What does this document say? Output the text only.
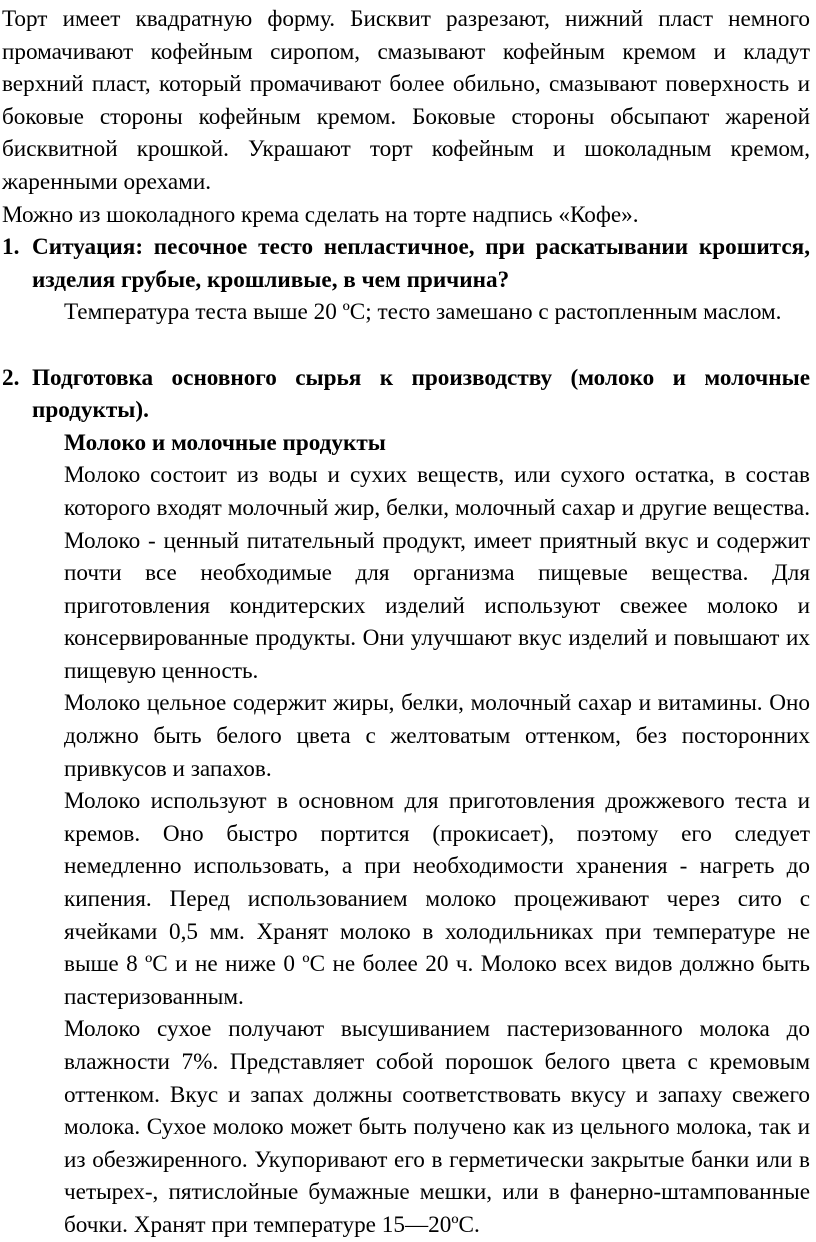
Торт имеет квадратную форму. Бисквит разрезают, нижний пласт немного промачивают кофейным сиропом, смазывают кофейным кремом и кладут верхний пласт, который промачивают более обильно, смазывают поверхность и боковые стороны кофейным кремом. Боковые стороны обсыпают жареной бисквитной крошкой. Украшают торт кофейным и шоколадным кремом, жаренными орехами.

Можно из шоколадного крема сделать на торте надпись «Кофе».

1. Ситуация: песочное тесто непластичное, при раскатывании крошится, изделия грубые, крошливые, в чем причина?

Температура теста выше 20 ºС; тесто замешано с растопленным маслом.

2. Подготовка основного сырья к производству (молоко и молочные продукты).

Молоко и молочные продукты

Молоко состоит из воды и сухих веществ, или сухого остатка, в состав которого входят молочный жир, белки, молочный сахар и другие вещества. Молоко - ценный питательный продукт, имеет приятный вкус и содержит почти все необходимые для организма пищевые вещества. Для приготовления кондитерских изделий используют свежее молоко и консервированные продукты. Они улучшают вкус изделий и повышают их пищевую ценность.

Молоко цельное содержит жиры, белки, молочный сахар и витамины. Оно должно быть белого цвета с желтоватым оттенком, без посторонних привкусов и запахов.

Молоко используют в основном для приготовления дрожжевого теста и кремов. Оно быстро портится (прокисает), поэтому его следует немедленно использовать, а при необходимости хранения - нагреть до кипения. Перед использованием молоко процеживают через сито с ячейками 0,5 мм. Хранят молоко в холодильниках при температуре не выше 8 ºС и не ниже 0 ºС не более 20 ч. Молоко всех видов должно быть пастеризованным.

Молоко сухое получают высушиванием пастеризованного молока до влажности 7%. Представляет собой порошок белого цвета с кремовым оттенком. Вкус и запах должны соответствовать вкусу и запаху свежего молока. Сухое молоко может быть получено как из цельного молока, так и из обезжиренного. Укупоривают его в герметически закрытые банки или в четырех-, пятислойные бумажные мешки, или в фанерно-штампованные бочки. Хранят при температуре 15—20ºС.
